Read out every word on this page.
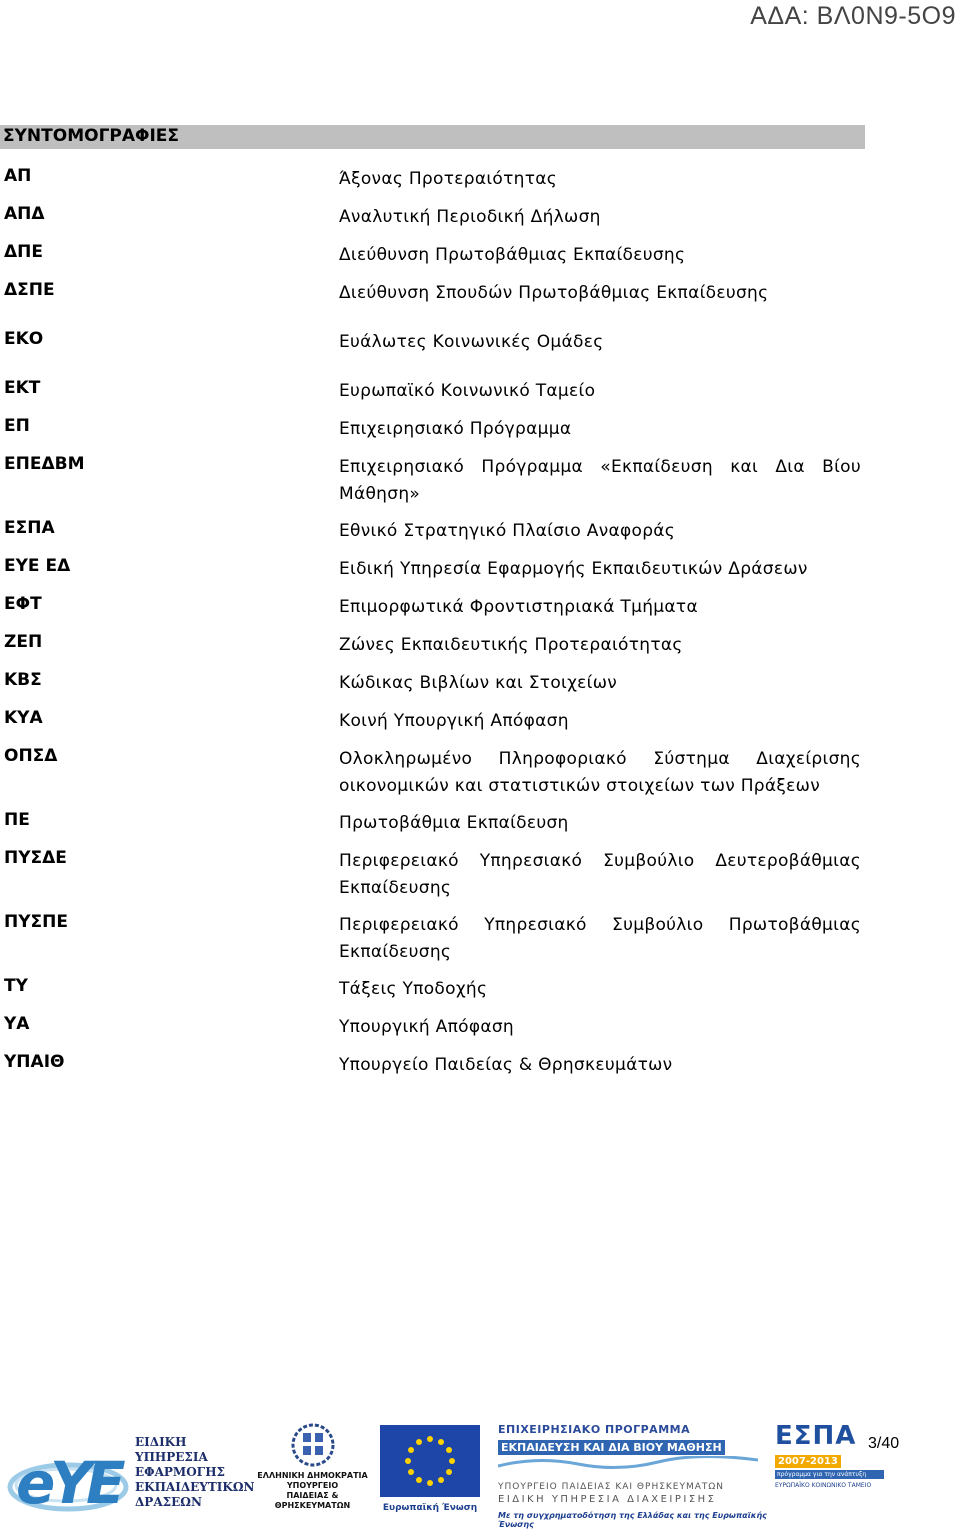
ΑΔΑ: ΒΛ0Ν9-5Ο9
ΣΥΝΤΟΜΟΓΡΑΦΙΕΣ
ΑΠ	Άξονας Προτεραιότητας
ΑΠΔ	Αναλυτική Περιοδική Δήλωση
ΔΠΕ	Διεύθυνση Πρωτοβάθμιας Εκπαίδευσης
ΔΣΠΕ	Διεύθυνση Σπουδών Πρωτοβάθμιας Εκπαίδευσης
ΕΚΟ	Ευάλωτες Κοινωνικές Ομάδες
ΕΚΤ	Ευρωπαϊκό Κοινωνικό Ταμείο
ΕΠ	Επιχειρησιακό Πρόγραμμα
ΕΠΕΔΒΜ	Επιχειρησιακό Πρόγραμμα «Εκπαίδευση και Δια Βίου Μάθηση»
ΕΣΠΑ	Εθνικό Στρατηγικό Πλαίσιο Αναφοράς
ΕΥΕ ΕΔ	Ειδική Υπηρεσία Εφαρμογής Εκπαιδευτικών Δράσεων
ΕΦΤ	Επιμορφωτικά Φροντιστηριακά Τμήματα
ΖΕΠ	Ζώνες Εκπαιδευτικής Προτεραιότητας
ΚΒΣ	Κώδικας Βιβλίων και Στοιχείων
ΚΥΑ	Κοινή Υπουργική Απόφαση
ΟΠΣΔ	Ολοκληρωμένο Πληροφοριακό Σύστημα Διαχείρισης οικονομικών και στατιστικών στοιχείων των Πράξεων
ΠΕ	Πρωτοβάθμια Εκπαίδευση
ΠΥΣΔΕ	Περιφερειακό Υπηρεσιακό Συμβούλιο Δευτεροβάθμιας Εκπαίδευσης
ΠΥΣΠΕ	Περιφερειακό Υπηρεσιακό Συμβούλιο Πρωτοβάθμιας Εκπαίδευσης
ΤΥ	Τάξεις Υποδοχής
ΥΑ	Υπουργική Απόφαση
ΥΠΑΙΘ	Υπουργείο Παιδείας & Θρησκευμάτων
e
Y
E
ΕΙΔΙΚΗ
ΥΠΗΡΕΣΙΑ
ΕΦΑΡΜΟΓΗΣ
ΕΚΠΑΙΔΕΥΤΙΚΩΝ
ΔΡΑΣΕΩΝ
ΕΛΛΗΝΙΚΗ ΔΗΜΟΚΡΑΤΙΑ
ΥΠΟΥΡΓΕΙΟ
ΠΑΙΔΕΙΑΣ & ΘΡΗΣΚΕΥΜΑΤΩΝ	Ευρωπαϊκή Ένωση
ΕΠΙΧΕΙΡΗΣΙΑΚΟ ΠΡΟΓΡΑΜΜΑ
ΕΚΠΑΙΔΕΥΣΗ ΚΑΙ ΔΙΑ ΒΙΟΥ ΜΑΘΗΣΗ
ΥΠΟΥΡΓΕΙΟ ΠΑΙΔΕΙΑΣ ΚΑΙ ΘΡΗΣΚΕΥΜΑΤΩΝ
ΕΙΔΙΚΗ ΥΠΗΡΕΣΙΑ ΔΙΑΧΕΙΡΙΣΗΣ
Με τη συγχρηματοδότηση της Ελλάδας και της Ευρωπαϊκής Ένωσης
ΕΣΠΑ
2007-2013
πρόγραμμα για την ανάπτυξη
ΕΥΡΩΠΑΪΚΟ ΚΟΙΝΩΝΙΚΟ ΤΑΜΕΙΟ
3/40
